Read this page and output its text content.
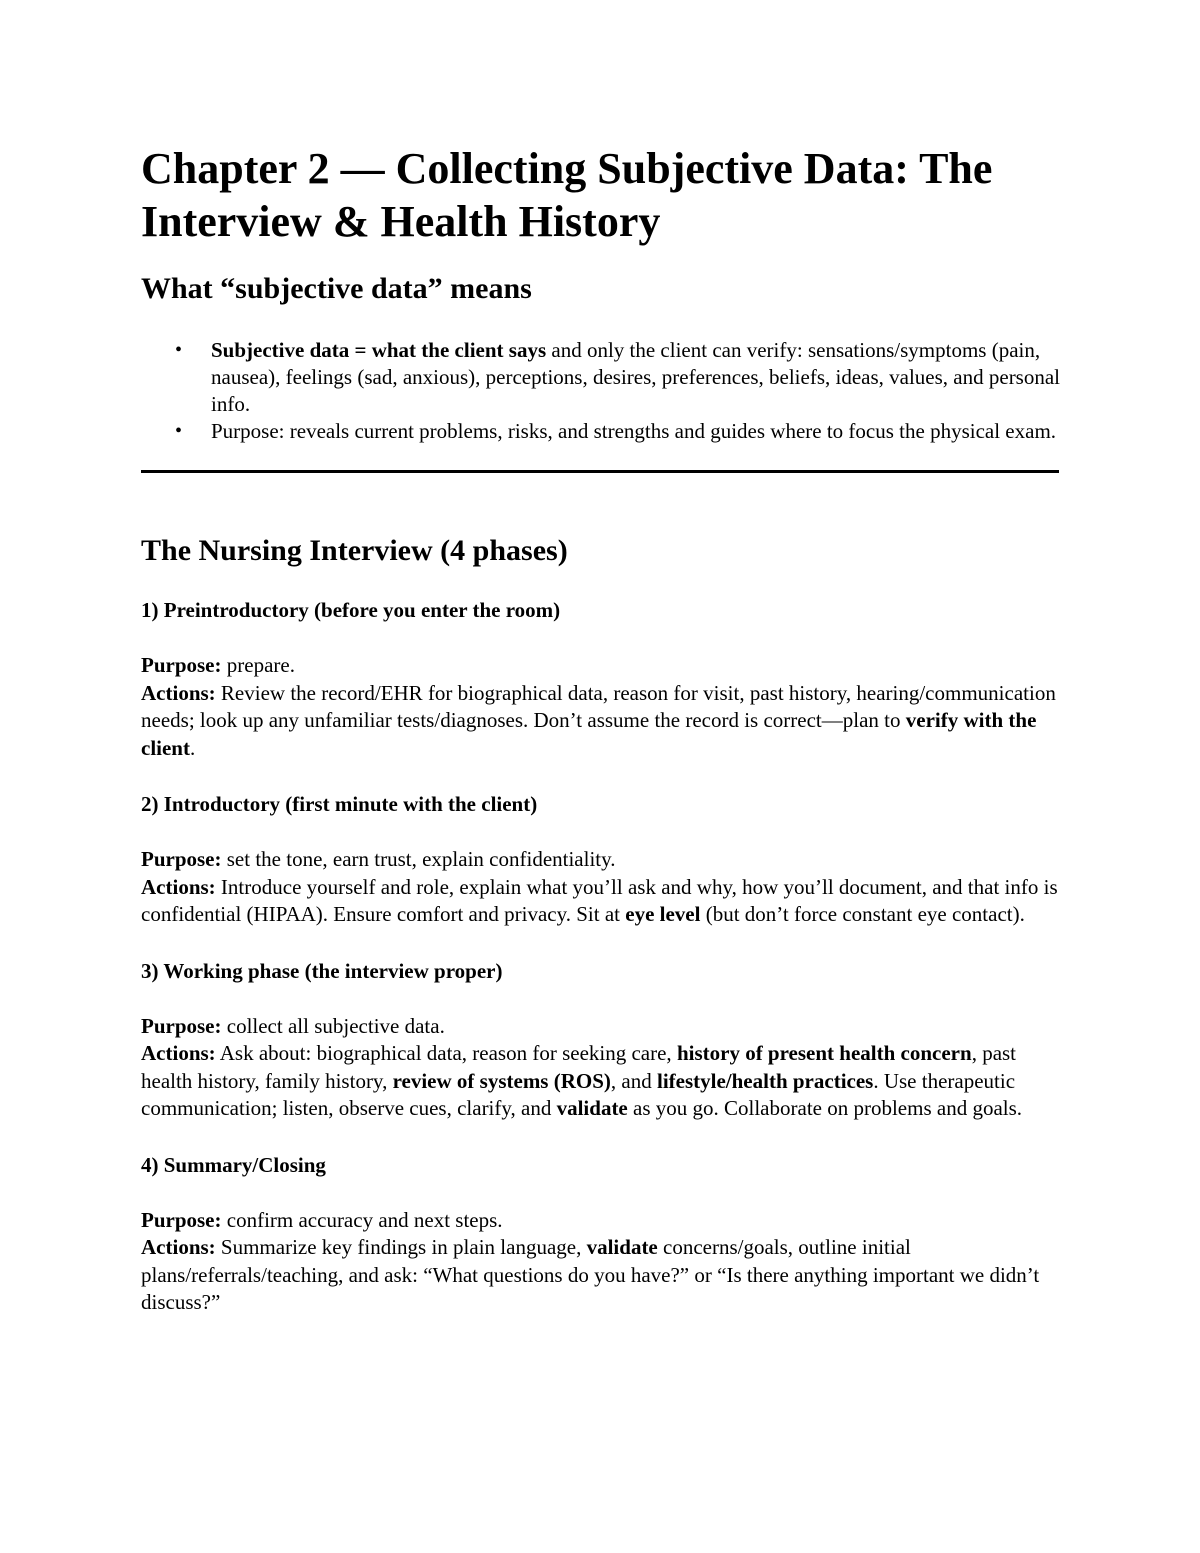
Chapter 2 — Collecting Subjective Data: The Interview & Health History
What “subjective data” means
• Subjective data = what the client says and only the client can verify: sensations/symptoms (pain, nausea), feelings (sad, anxious), perceptions, desires, preferences, beliefs, ideas, values, and personal info.
• Purpose: reveals current problems, risks, and strengths and guides where to focus the physical exam.
The Nursing Interview (4 phases)
1) Preintroductory (before you enter the room)

Purpose: prepare.

Actions: Review the record/EHR for biographical data, reason for visit, past history, hearing/communication needs; look up any unfamiliar tests/diagnoses. Don’t assume the record is correct—plan to verify with the client.

2) Introductory (first minute with the client)

Purpose: set the tone, earn trust, explain confidentiality.

Actions: Introduce yourself and role, explain what you’ll ask and why, how you’ll document, and that info is confidential (HIPAA). Ensure comfort and privacy. Sit at eye level (but don’t force constant eye contact).

3) Working phase (the interview proper)

Purpose: collect all subjective data.

Actions: Ask about: biographical data, reason for seeking care, history of present health concern, past health history, family history, review of systems (ROS), and lifestyle/health practices. Use therapeutic communication; listen, observe cues, clarify, and validate as you go. Collaborate on problems and goals.

4) Summary/Closing

Purpose: confirm accuracy and next steps.

Actions: Summarize key findings in plain language, validate concerns/goals, outline initial plans/referrals/teaching, and ask: “What questions do you have?” or “Is there anything important we didn’t discuss?”
